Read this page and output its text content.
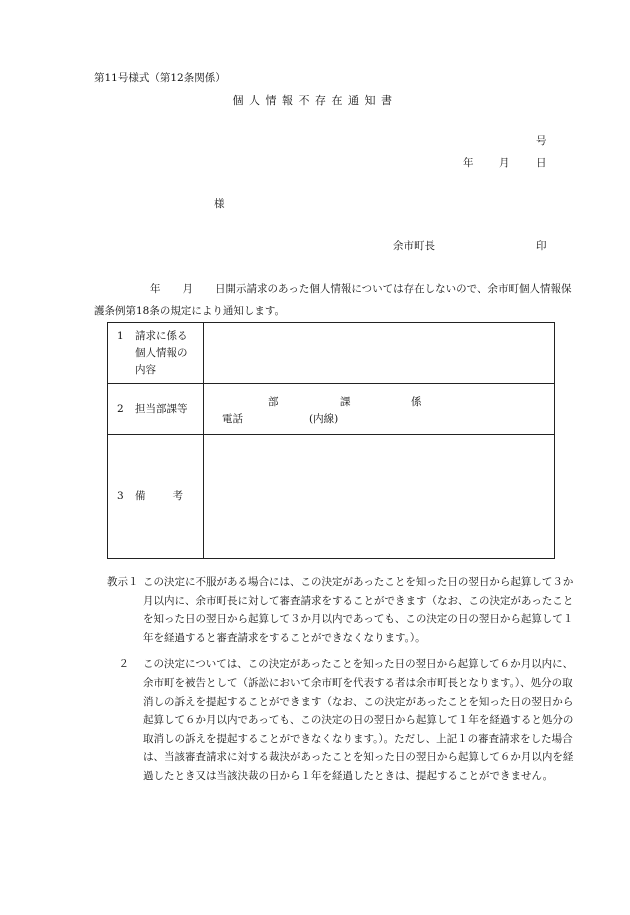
第11号様式（第12条関係）
個人情報不存在通知書
号
年 月	日
様
余市町長	印
年 月 日開示請求のあった個人情報については存在しないので、余市町個人情報保護条例第18条の規定により通知します。
1 請求に係る個人情報の内容	

2 担当部課等	部 課 係
電話 (内線)

3 備 考	

教示１ この決定に不服がある場合には、この決定があったことを知った日の翌日から起算して３か月以内に、余市町長に対して審査請求をすることができます（なお、この決定があったことを知った日の翌日から起算して３か月以内であっても、この決定の日の翌日から起算して１年を経過すると審査請求をすることができなくなります。）。
２	この決定については、この決定があったことを知った日の翌日から起算して６か月以内に、余市町を被告として（訴訟において余市町を代表する者は余市町長となります。）、処分の取消しの訴えを提起することができます（なお、この決定があったことを知った日の翌日から起算して６か月以内であっても、この決定の日の翌日から起算して１年を経過すると処分の取消しの訴えを提起することができなくなります。）。ただし、上記１の審査請求をした場合は、当該審査請求に対する裁決があったことを知った日の翌日から起算して６か月以内を経過したとき又は当該決裁の日から１年を経過したときは、提起することができません。
